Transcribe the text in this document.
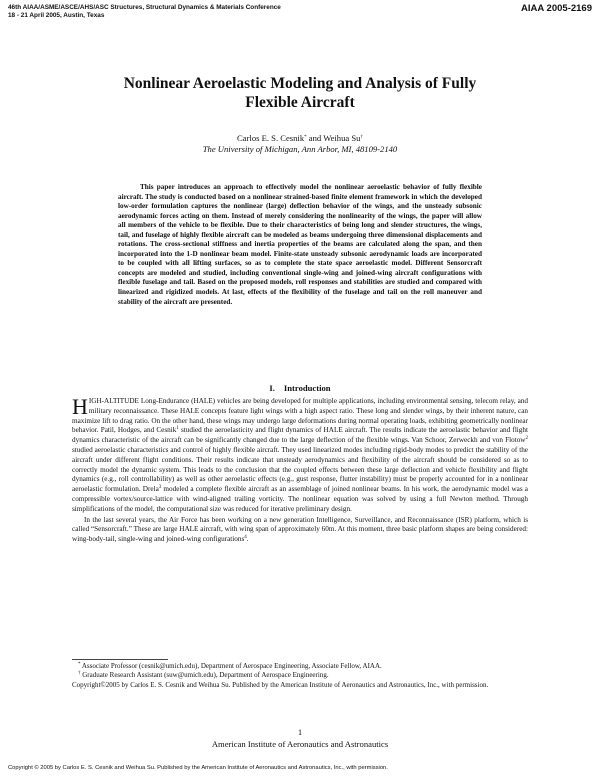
46th AIAA/ASME/ASCE/AHS/ASC Structures, Structural Dynamics & Materials Conference
18 - 21 April 2005, Austin, Texas
AIAA 2005-2169
Nonlinear Aeroelastic Modeling and Analysis of Fully
Flexible Aircraft
Carlos E. S. Cesnik* and Weihua Su†
The University of Michigan, Ann Arbor, MI, 48109-2140

This paper introduces an approach to effectively model the nonlinear aeroelastic behavior of fully flexible aircraft. The study is conducted based on a nonlinear strained-based finite element framework in which the developed low-order formulation captures the nonlinear (large) deflection behavior of the wings, and the unsteady subsonic aerodynamic forces acting on them. Instead of merely considering the nonlinearity of the wings, the paper will allow all members of the vehicle to be flexible. Due to their characteristics of being long and slender structures, the wings, tail, and fuselage of highly flexible aircraft can be modeled as beams undergoing three dimensional displacements and rotations. The cross-sectional stiffness and inertia properties of the beams are calculated along the span, and then incorporated into the 1-D nonlinear beam model. Finite-state unsteady subsonic aerodynamic loads are incorporated to be coupled with all lifting surfaces, so as to complete the state space aeroelastic model. Different Sensorcraft concepts are modeled and studied, including conventional single-wing and joined-wing aircraft configurations with flexible fuselage and tail. Based on the proposed models, roll responses and stabilities are studied and compared with linearized and rigidized models. At last, effects of the flexibility of the fuselage and tail on the roll maneuver and stability of the aircraft are presented.

I. Introduction

HIGH-ALTITUDE Long-Endurance (HALE) vehicles are being developed for multiple applications, including environmental sensing, telecom relay, and military reconnaissance. These HALE concepts feature light wings with a high aspect ratio. These long and slender wings, by their inherent nature, can maximize lift to drag ratio. On the other hand, these wings may undergo large deformations during normal operating loads, exhibiting geometrically nonlinear behavior. Patil, Hodges, and Cesnik$^1$ studied the aeroelasticity and flight dynamics of HALE aircraft. The results indicate the aeroelastic behavior and flight dynamics characteristic of the aircraft can be significantly changed due to the large deflection of the flexible wings. Van Schoor, Zerweckh and von Flotow$^2$ studied aeroelastic characteristics and control of highly flexible aircraft. They used linearized modes including rigid-body modes to predict the stability of the aircraft under different flight conditions. Their results indicate that unsteady aerodynamics and flexibility of the aircraft should be considered so as to correctly model the dynamic system. This leads to the conclusion that the coupled effects between these large deflection and vehicle flexibility and flight dynamics (e.g., roll controllability) as well as other aeroelastic effects (e.g., gust response, flutter instability) must be properly accounted for in a nonlinear aeroelastic formulation. Drela$^3$ modeled a complete flexible aircraft as an assemblage of joined nonlinear beams. In his work, the aerodynamic model was a compressible vortex/source-lattice with wind-aligned trailing vorticity. The nonlinear equation was solved by using a full Newton method. Through simplifications of the model, the computational size was reduced for iterative preliminary design.

In the last several years, the Air Force has been working on a new generation Intelligence, Surveillance, and Reconnaissance (ISR) platform, which is called “Sensorcraft.” These are large HALE aircraft, with wing span of approximately 60m. At this moment, three basic platform shapes are being considered: wing-body-tail, single-wing and joined-wing configurations$^4$.

* Associate Professor (cesnik@umich.edu), Department of Aerospace Engineering, Associate Fellow, AIAA.
† Graduate Research Assistant (suw@umich.edu), Department of Aerospace Engineering.
Copyright©2005 by Carlos E. S. Cesnik and Weihua Su. Published by the American Institute of Aeronautics and Astronautics, Inc., with permission.
1
American Institute of Aeronautics and Astronautics
Copyright © 2005 by Carlos E. S. Cesnik and Weihua Su. Published by the American Institute of Aeronautics and Astronautics, Inc., with permission.
